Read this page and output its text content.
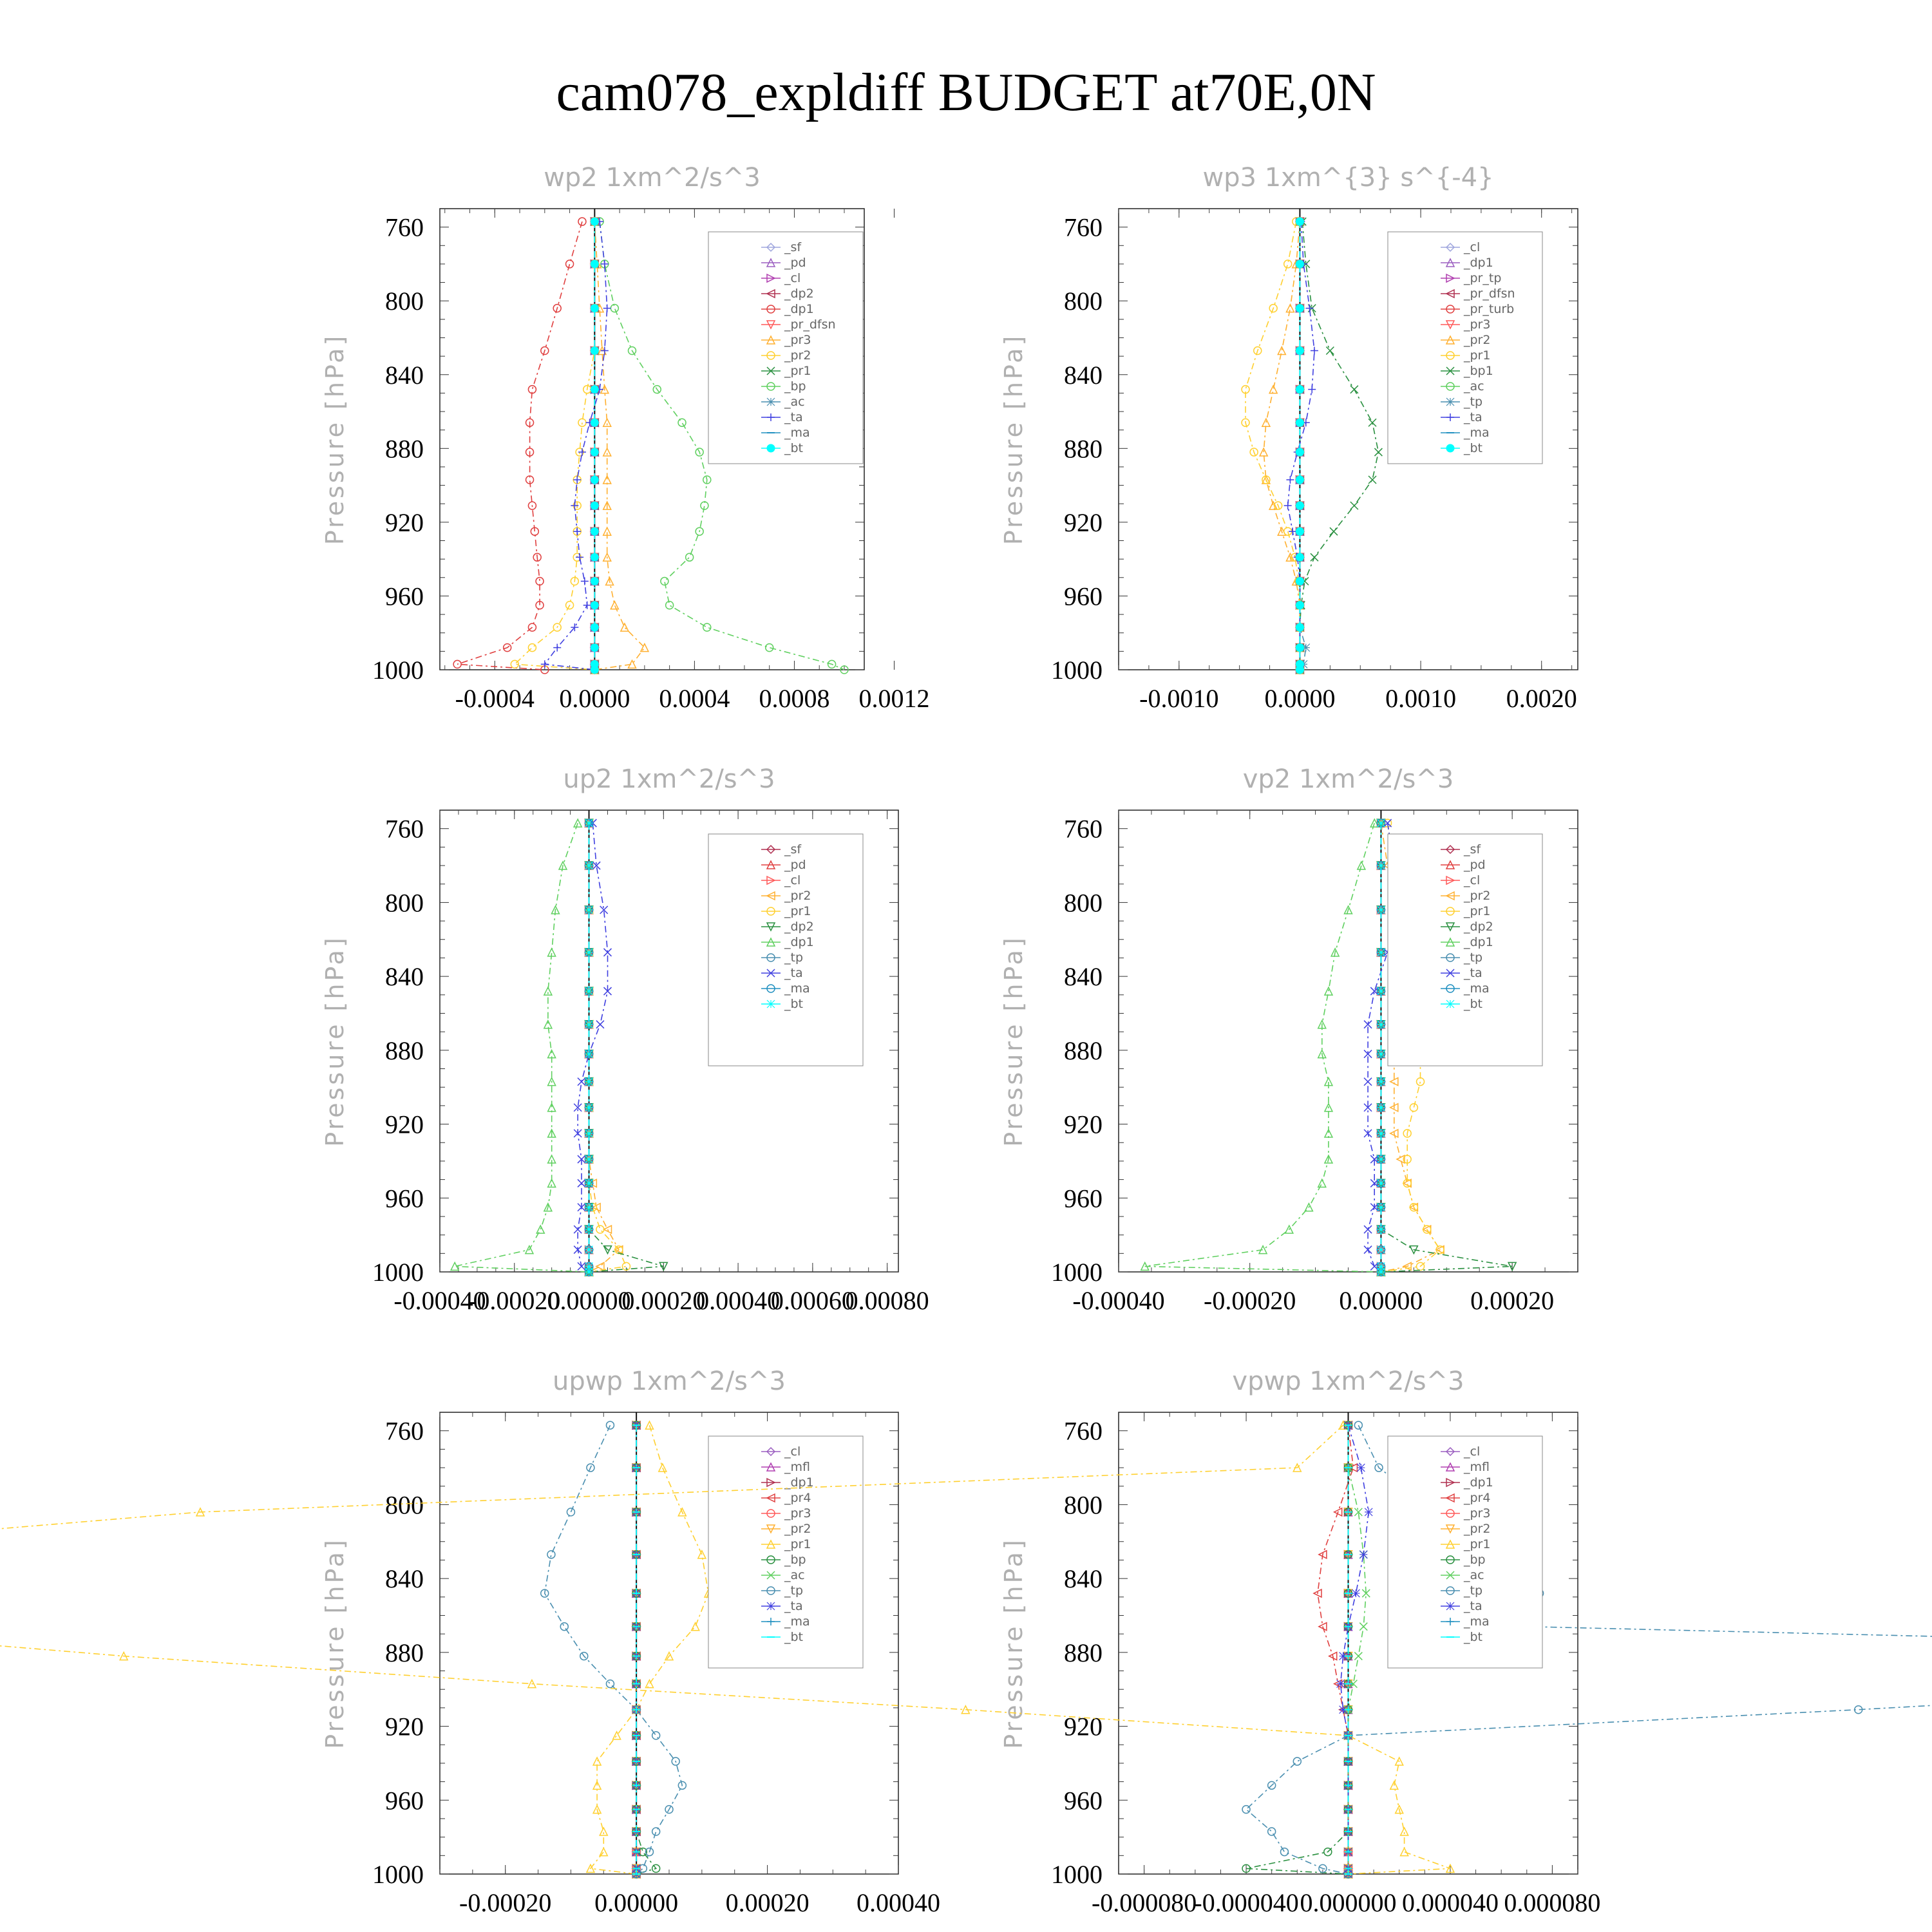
cam078_expldiff BUDGET at70E,0N
wp2 1xm^2/s^3
Pressure [hPa]
760
800
840
880
920
960
1000
-0.0004 0.0000 0.0004 0.0008 0.0012
_sf
_pd
_cl
_dp2
_dp1
_pr_dfsn
_pr3
_pr2
_pr1
_bp
_ac
_ta
_ma
_bt
wp3 1xm^{3} s^{-4}
Pressure [hPa]
760
800
840
880
920
960
1000
-0.0010 0.0000 0.0010 0.0020
_cl
_dp1
_pr_tp
_pr_dfsn
_pr_turb
_pr3
_pr2
_pr1
_bp1
_ac
_tp
_ta
_ma
_bt
up2 1xm^2/s^3
Pressure [hPa]
760
800
840
880
920
960
1000
-0.00040
-0.00020
0.00000
0.00020
0.00040
0.00060
0.00080
_sf
_pd
_cl
_pr2
_pr1
_dp2
_dp1
_tp
_ta
_ma
_bt
vp2 1xm^2/s^3
Pressure [hPa]
760
800
840
880
920
960
1000
-0.00040 -0.00020 0.00000 0.00020
_sf
_pd
_cl
_pr2
_pr1
_dp2
_dp1
_tp
_ta
_ma
_bt
upwp 1xm^2/s^3
Pressure [hPa]
760
800
840
880
920
960
1000
-0.00020 0.00000 0.00020 0.00040
_cl
_mfl
_dp1
_pr4
_pr3
_pr2
_pr1
_bp
_ac
_tp
_ta
_ma
_bt
vpwp 1xm^2/s^3
Pressure [hPa]
760
800
840
880
920
960
1000
-0.000080
-0.000040 0.000000 0.000040 0.000080
_cl
_mfl
_dp1
_pr4
_pr3
_pr2
_pr1
_bp
_ac
_tp
_ta
_ma
_bt
